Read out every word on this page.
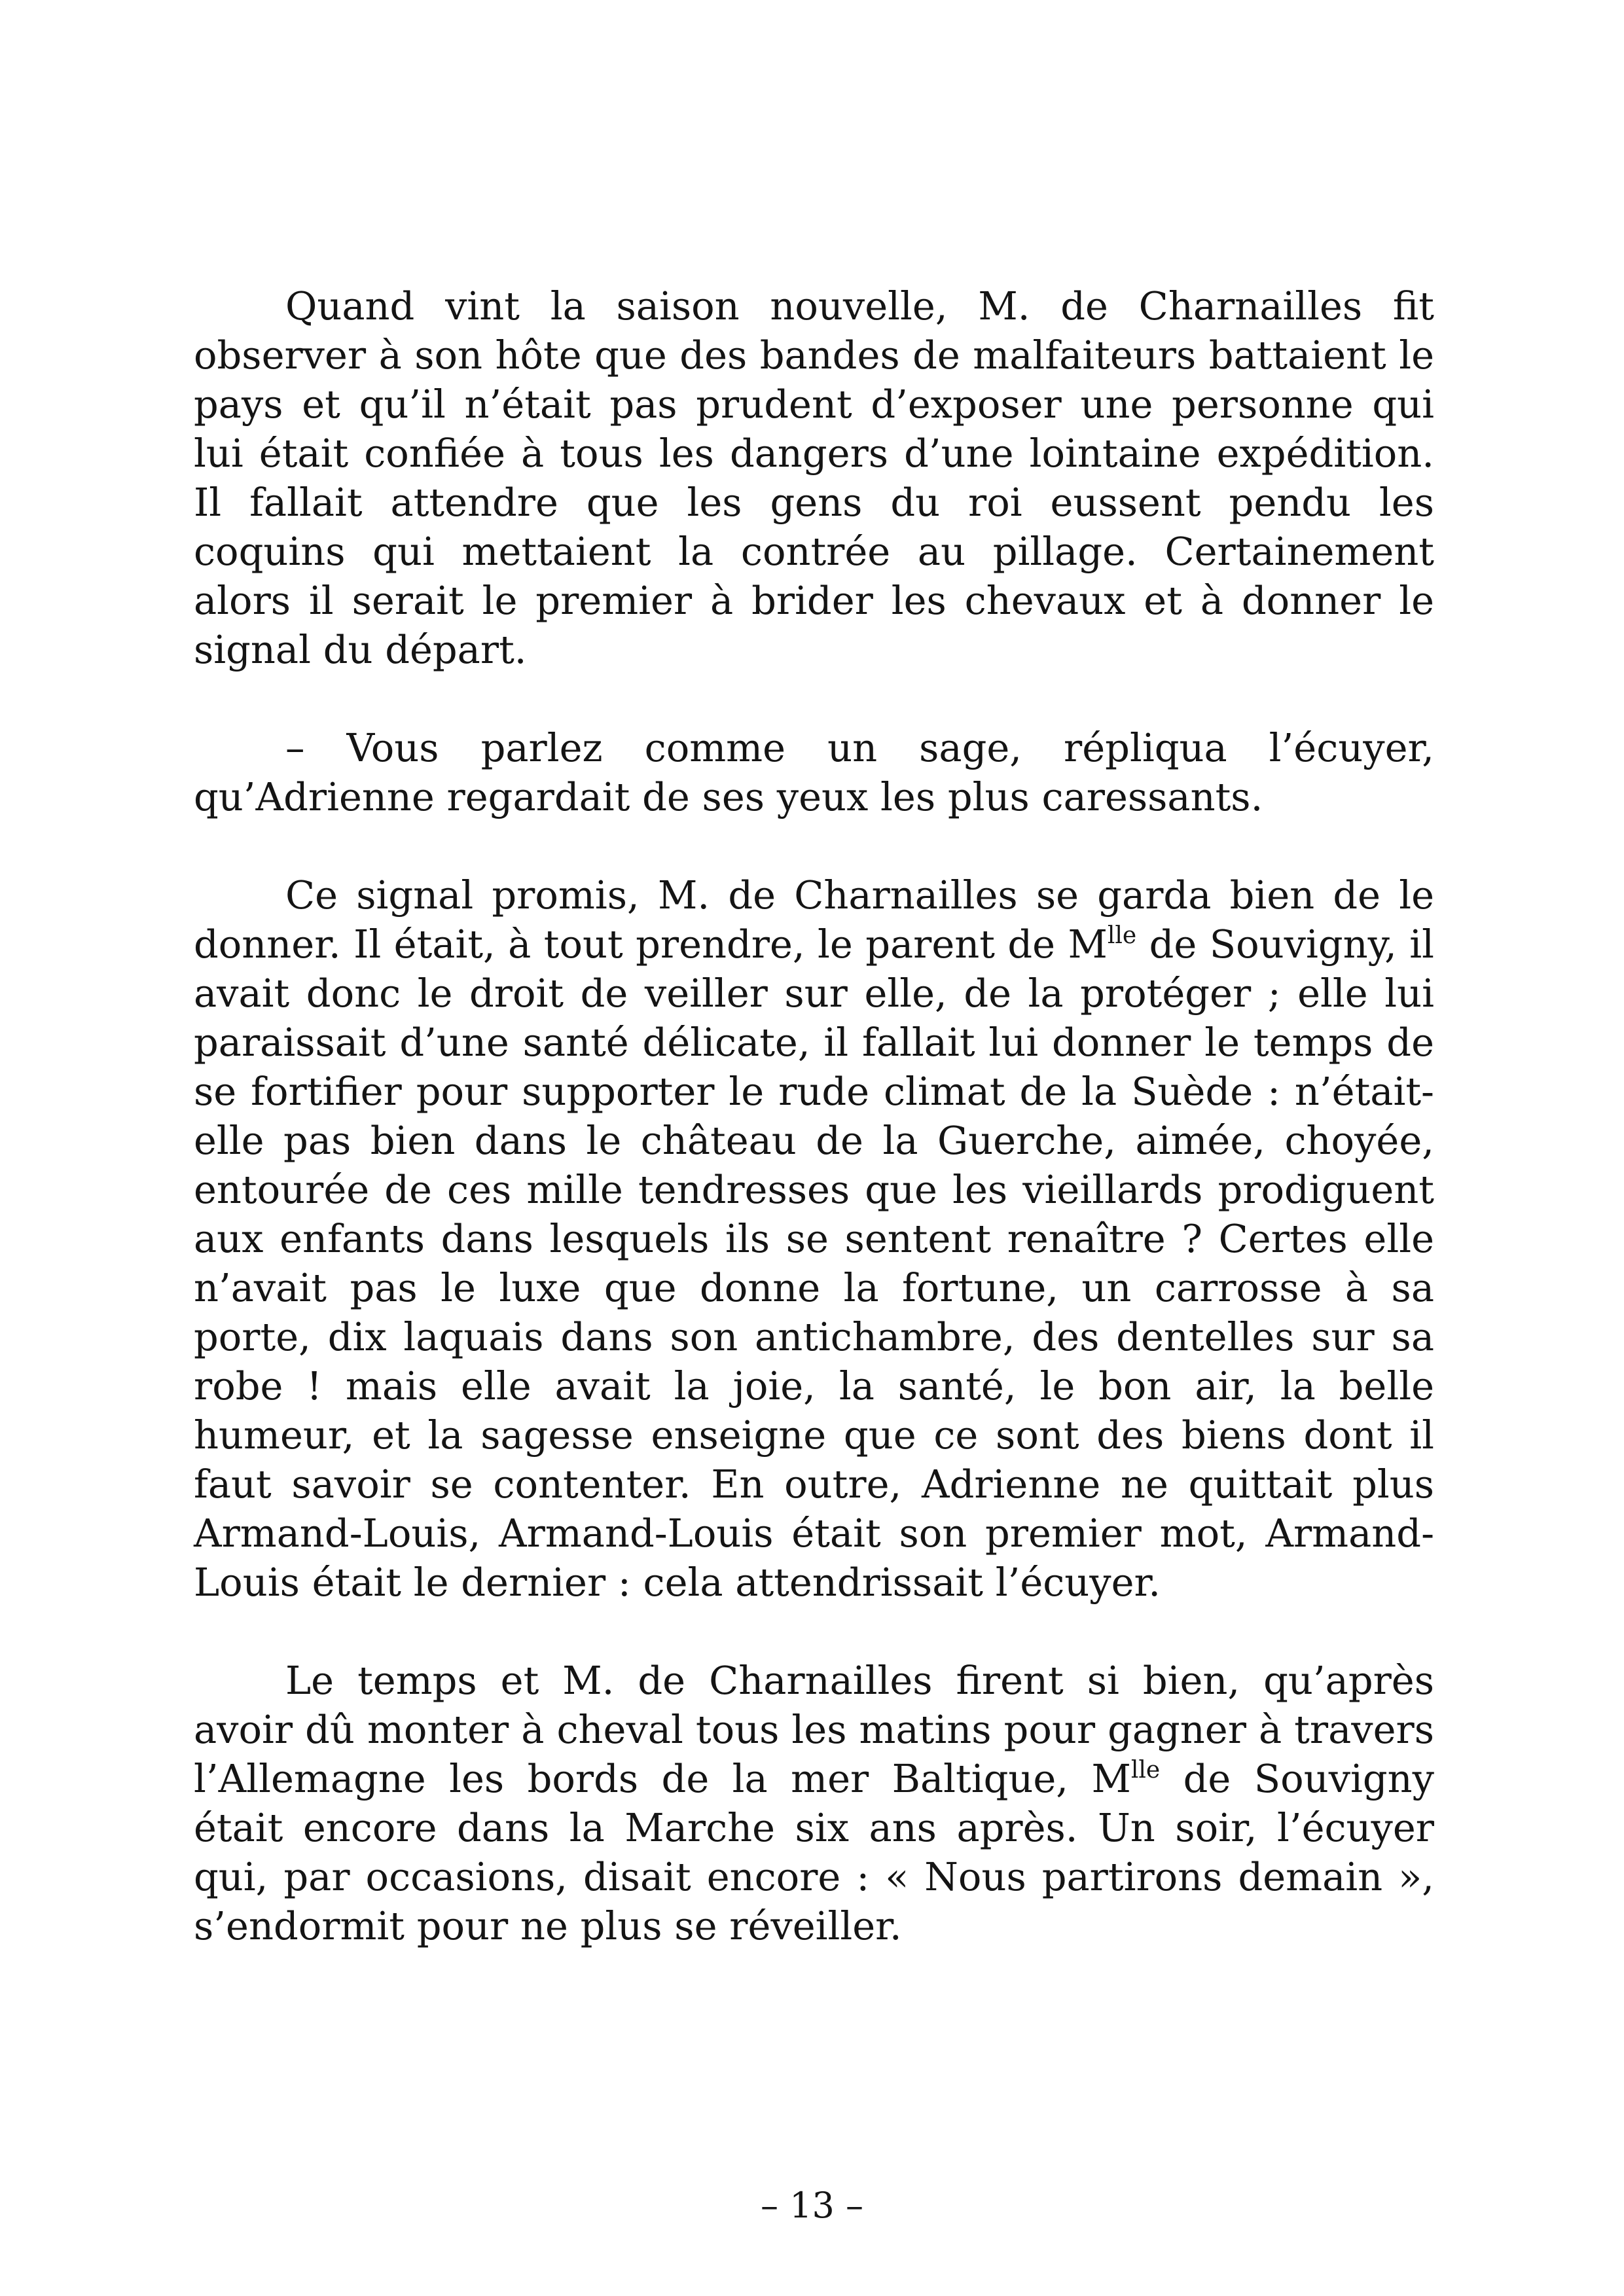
Quand vint la saison nouvelle, M. de Charnailles fit observer à son hôte que des bandes de malfaiteurs battaient le pays et qu’il n’était pas prudent d’exposer une personne qui lui était confiée à tous les dangers d’une lointaine expédition. Il fallait attendre que les gens du roi eussent pendu les coquins qui mettaient la contrée au pillage. Certainement alors il serait le premier à brider les chevaux et à donner le signal du départ.

– Vous parlez comme un sage, répliqua l’écuyer, qu’Adrienne regardait de ses yeux les plus caressants.

Ce signal promis, M. de Charnailles se garda bien de le donner. Il était, à tout prendre, le parent de $M^{lle}$ de Souvigny, il avait donc le droit de veiller sur elle, de la protéger ; elle lui paraissait d’une santé délicate, il fallait lui donner le temps de se fortifier pour supporter le rude climat de la Suède : n’était-elle pas bien dans le château de la Guerche, aimée, choyée, entourée de ces mille tendresses que les vieillards prodiguent aux enfants dans lesquels ils se sentent renaître ? Certes elle n’avait pas le luxe que donne la fortune, un carrosse à sa porte, dix laquais dans son antichambre, des dentelles sur sa robe ! mais elle avait la joie, la santé, le bon air, la belle humeur, et la sagesse enseigne que ce sont des biens dont il faut savoir se contenter. En outre, Adrienne ne quittait plus Armand-Louis, Armand-Louis était son premier mot, Armand-Louis était le dernier : cela attendrissait l’écuyer.

Le temps et M. de Charnailles firent si bien, qu’après avoir dû monter à cheval tous les matins pour gagner à travers l’Allemagne les bords de la mer Baltique, $M^{lle}$ de Souvigny était encore dans la Marche six ans après. Un soir, l’écuyer qui, par occasions, disait encore : « Nous partirons demain », s’endormit pour ne plus se réveiller.

– 13 –
